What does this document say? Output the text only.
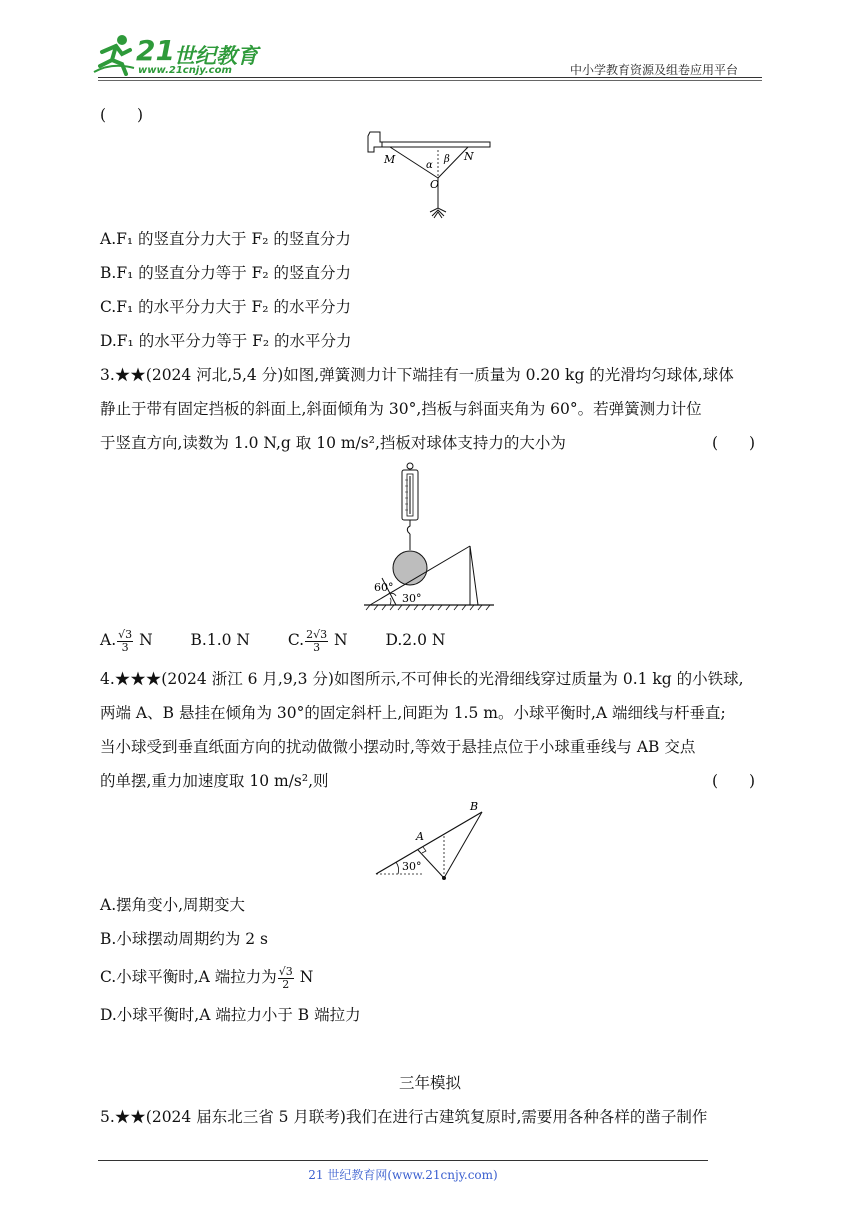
21 世纪教育
www.21cnjy.com	中小学教育资源及组卷应用平台
(　　)
M	N
O
α
β
A.F₁ 的竖直分力大于 F₂ 的竖直分力
B.F₁ 的竖直分力等于 F₂ 的竖直分力
C.F₁ 的水平分力大于 F₂ 的水平分力
D.F₁ 的水平分力等于 F₂ 的水平分力
3.★★(2024 河北,5,4 分)如图,弹簧测力计下端挂有一质量为 0.20 kg 的光滑均匀球体,球体
静止于带有固定挡板的斜面上,斜面倾角为 30°,挡板与斜面夹角为 60°。若弹簧测力计位
于竖直方向,读数为 1.0 N,g 取 10 m/s²,挡板对球体支持力的大小为	(　　)
60°
30°
A. $\frac{√3}{3}$ N B.1.0 N C. $\frac{2√3}{3}$ N D.2.0 N
4.★★★(2024 浙江 6 月,9,3 分)如图所示,不可伸长的光滑细线穿过质量为 0.1 kg 的小铁球,
两端 A、B 悬挂在倾角为 30°的固定斜杆上,间距为 1.5 m。小球平衡时,A 端细线与杆垂直;
当小球受到垂直纸面方向的扰动做微小摆动时,等效于悬挂点位于小球重垂线与 AB 交点
的单摆,重力加速度取 10 m/s²,则	(　　)
A
B
30°
A.摆角变小,周期变大
B.小球摆动周期约为 2 s
C.小球平衡时,A 端拉力为 $\frac{√3}{2}$ N
D.小球平衡时,A 端拉力小于 B 端拉力
三年模拟
5.★★(2024 届东北三省 5 月联考)我们在进行古建筑复原时,需要用各种各样的凿子制作
21 世纪教育网(www.21cnjy.com)
